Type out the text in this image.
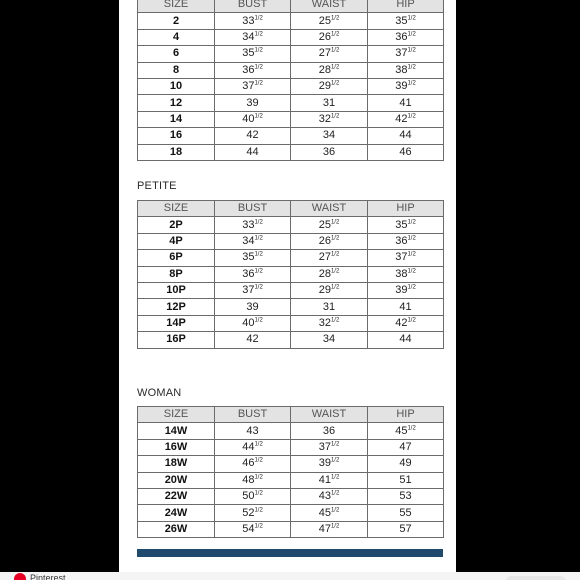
SIZE	BUST	WAIST	HIP
2	$33^{1/2}$	$25^{1/2}$	$35^{1/2}$
4	$34^{1/2}$	$26^{1/2}$	$36^{1/2}$
6	$35^{1/2}$	$27^{1/2}$	$37^{1/2}$
8	$36^{1/2}$	$28^{1/2}$	$38^{1/2}$
10	$37^{1/2}$	$29^{1/2}$	$39^{1/2}$
12	39	31	41
14	$40^{1/2}$	$32^{1/2}$	$42^{1/2}$
16	42	34	44
18	44	36	46
PETITE
SIZE	BUST	WAIST	HIP
2P	$33^{1/2}$	$25^{1/2}$	$35^{1/2}$
4P	$34^{1/2}$	$26^{1/2}$	$36^{1/2}$
6P	$35^{1/2}$	$27^{1/2}$	$37^{1/2}$
8P	$36^{1/2}$	$28^{1/2}$	$38^{1/2}$
10P	$37^{1/2}$	$29^{1/2}$	$39^{1/2}$
12P	39	31	41
14P	$40^{1/2}$	$32^{1/2}$	$42^{1/2}$
16P	42	34	44
WOMAN
SIZE	BUST	WAIST	HIP
14W	43	36	$45^{1/2}$
16W	$44^{1/2}$	$37^{1/2}$	47
18W	$46^{1/2}$	$39^{1/2}$	49
20W	$48^{1/2}$	$41^{1/2}$	51
22W	$50^{1/2}$	$43^{1/2}$	53
24W	$52^{1/2}$	$45^{1/2}$	55
26W	$54^{1/2}$	$47^{1/2}$	57
Pinterest
